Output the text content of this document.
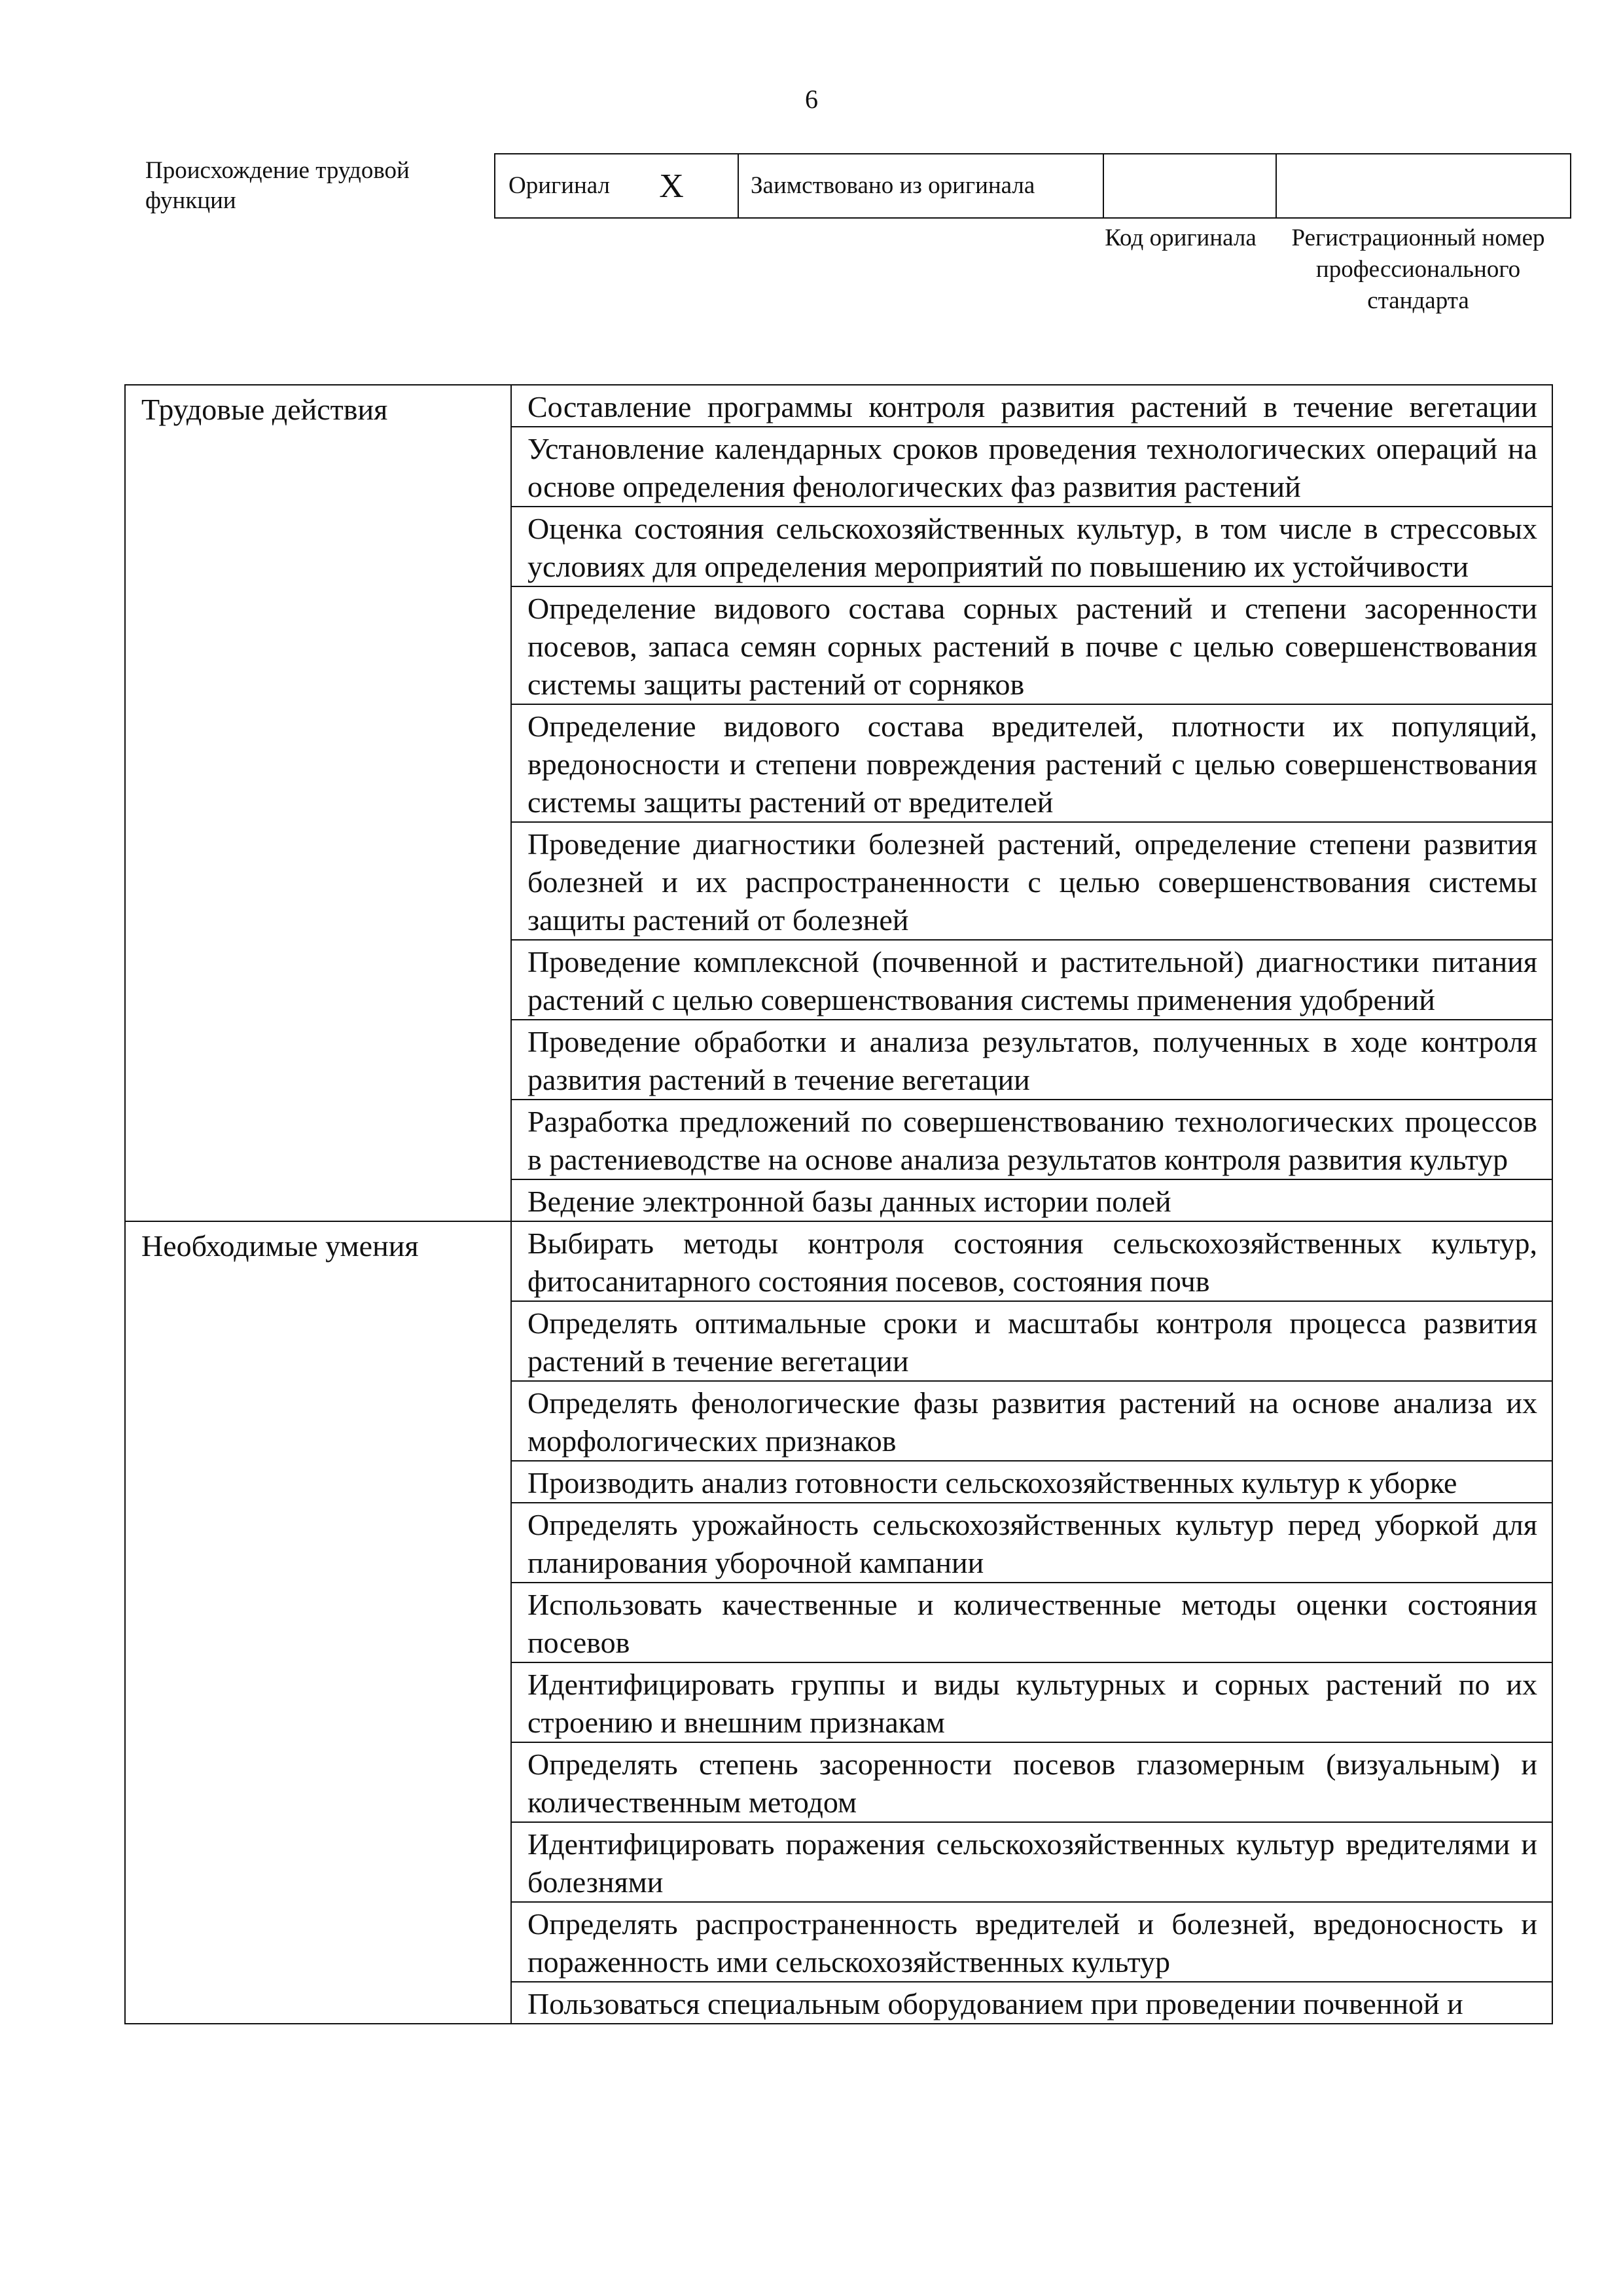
6
Происхождение трудовой функции
Оригинал X	Заимствовано из оригинала		
Код оригинала	Регистрационный номер профессионального стандарта
Трудовые действия	Составление программы контроля развития растений в течение вегетации
	Установление календарных сроков проведения технологических операций на основе определения фенологических фаз развития растений
	Оценка состояния сельскохозяйственных культур, в том числе в стрессовых условиях для определения мероприятий по повышению их устойчивости
	Определение видового состава сорных растений и степени засоренности посевов, запаса семян сорных растений в почве с целью совершенствования системы защиты растений от сорняков
	Определение видового состава вредителей, плотности их популяций, вредоносности и степени повреждения растений с целью совершенствования системы защиты растений от вредителей
	Проведение диагностики болезней растений, определение степени развития болезней и их распространенности с целью совершенствования системы защиты растений от болезней
	Проведение комплексной (почвенной и растительной) диагностики питания растений с целью совершенствования системы применения удобрений
	Проведение обработки и анализа результатов, полученных в ходе контроля развития растений в течение вегетации
	Разработка предложений по совершенствованию технологических процессов в растениеводстве на основе анализа результатов контроля развития культур
	Ведение электронной базы данных истории полей
Необходимые умения	Выбирать методы контроля состояния сельскохозяйственных культур, фитосанитарного состояния посевов, состояния почв
	Определять оптимальные сроки и масштабы контроля процесса развития растений в течение вегетации
	Определять фенологические фазы развития растений на основе анализа их морфологических признаков
	Производить анализ готовности сельскохозяйственных культур к уборке
	Определять урожайность сельскохозяйственных культур перед уборкой для планирования уборочной кампании
	Использовать качественные и количественные методы оценки состояния посевов
	Идентифицировать группы и виды культурных и сорных растений по их строению и внешним признакам
	Определять степень засоренности посевов глазомерным (визуальным) и количественным методом
	Идентифицировать поражения сельскохозяйственных культур вредителями и болезнями
	Определять распространенность вредителей и болезней, вредоносность и пораженность ими сельскохозяйственных культур
	Пользоваться специальным оборудованием при проведении почвенной и
